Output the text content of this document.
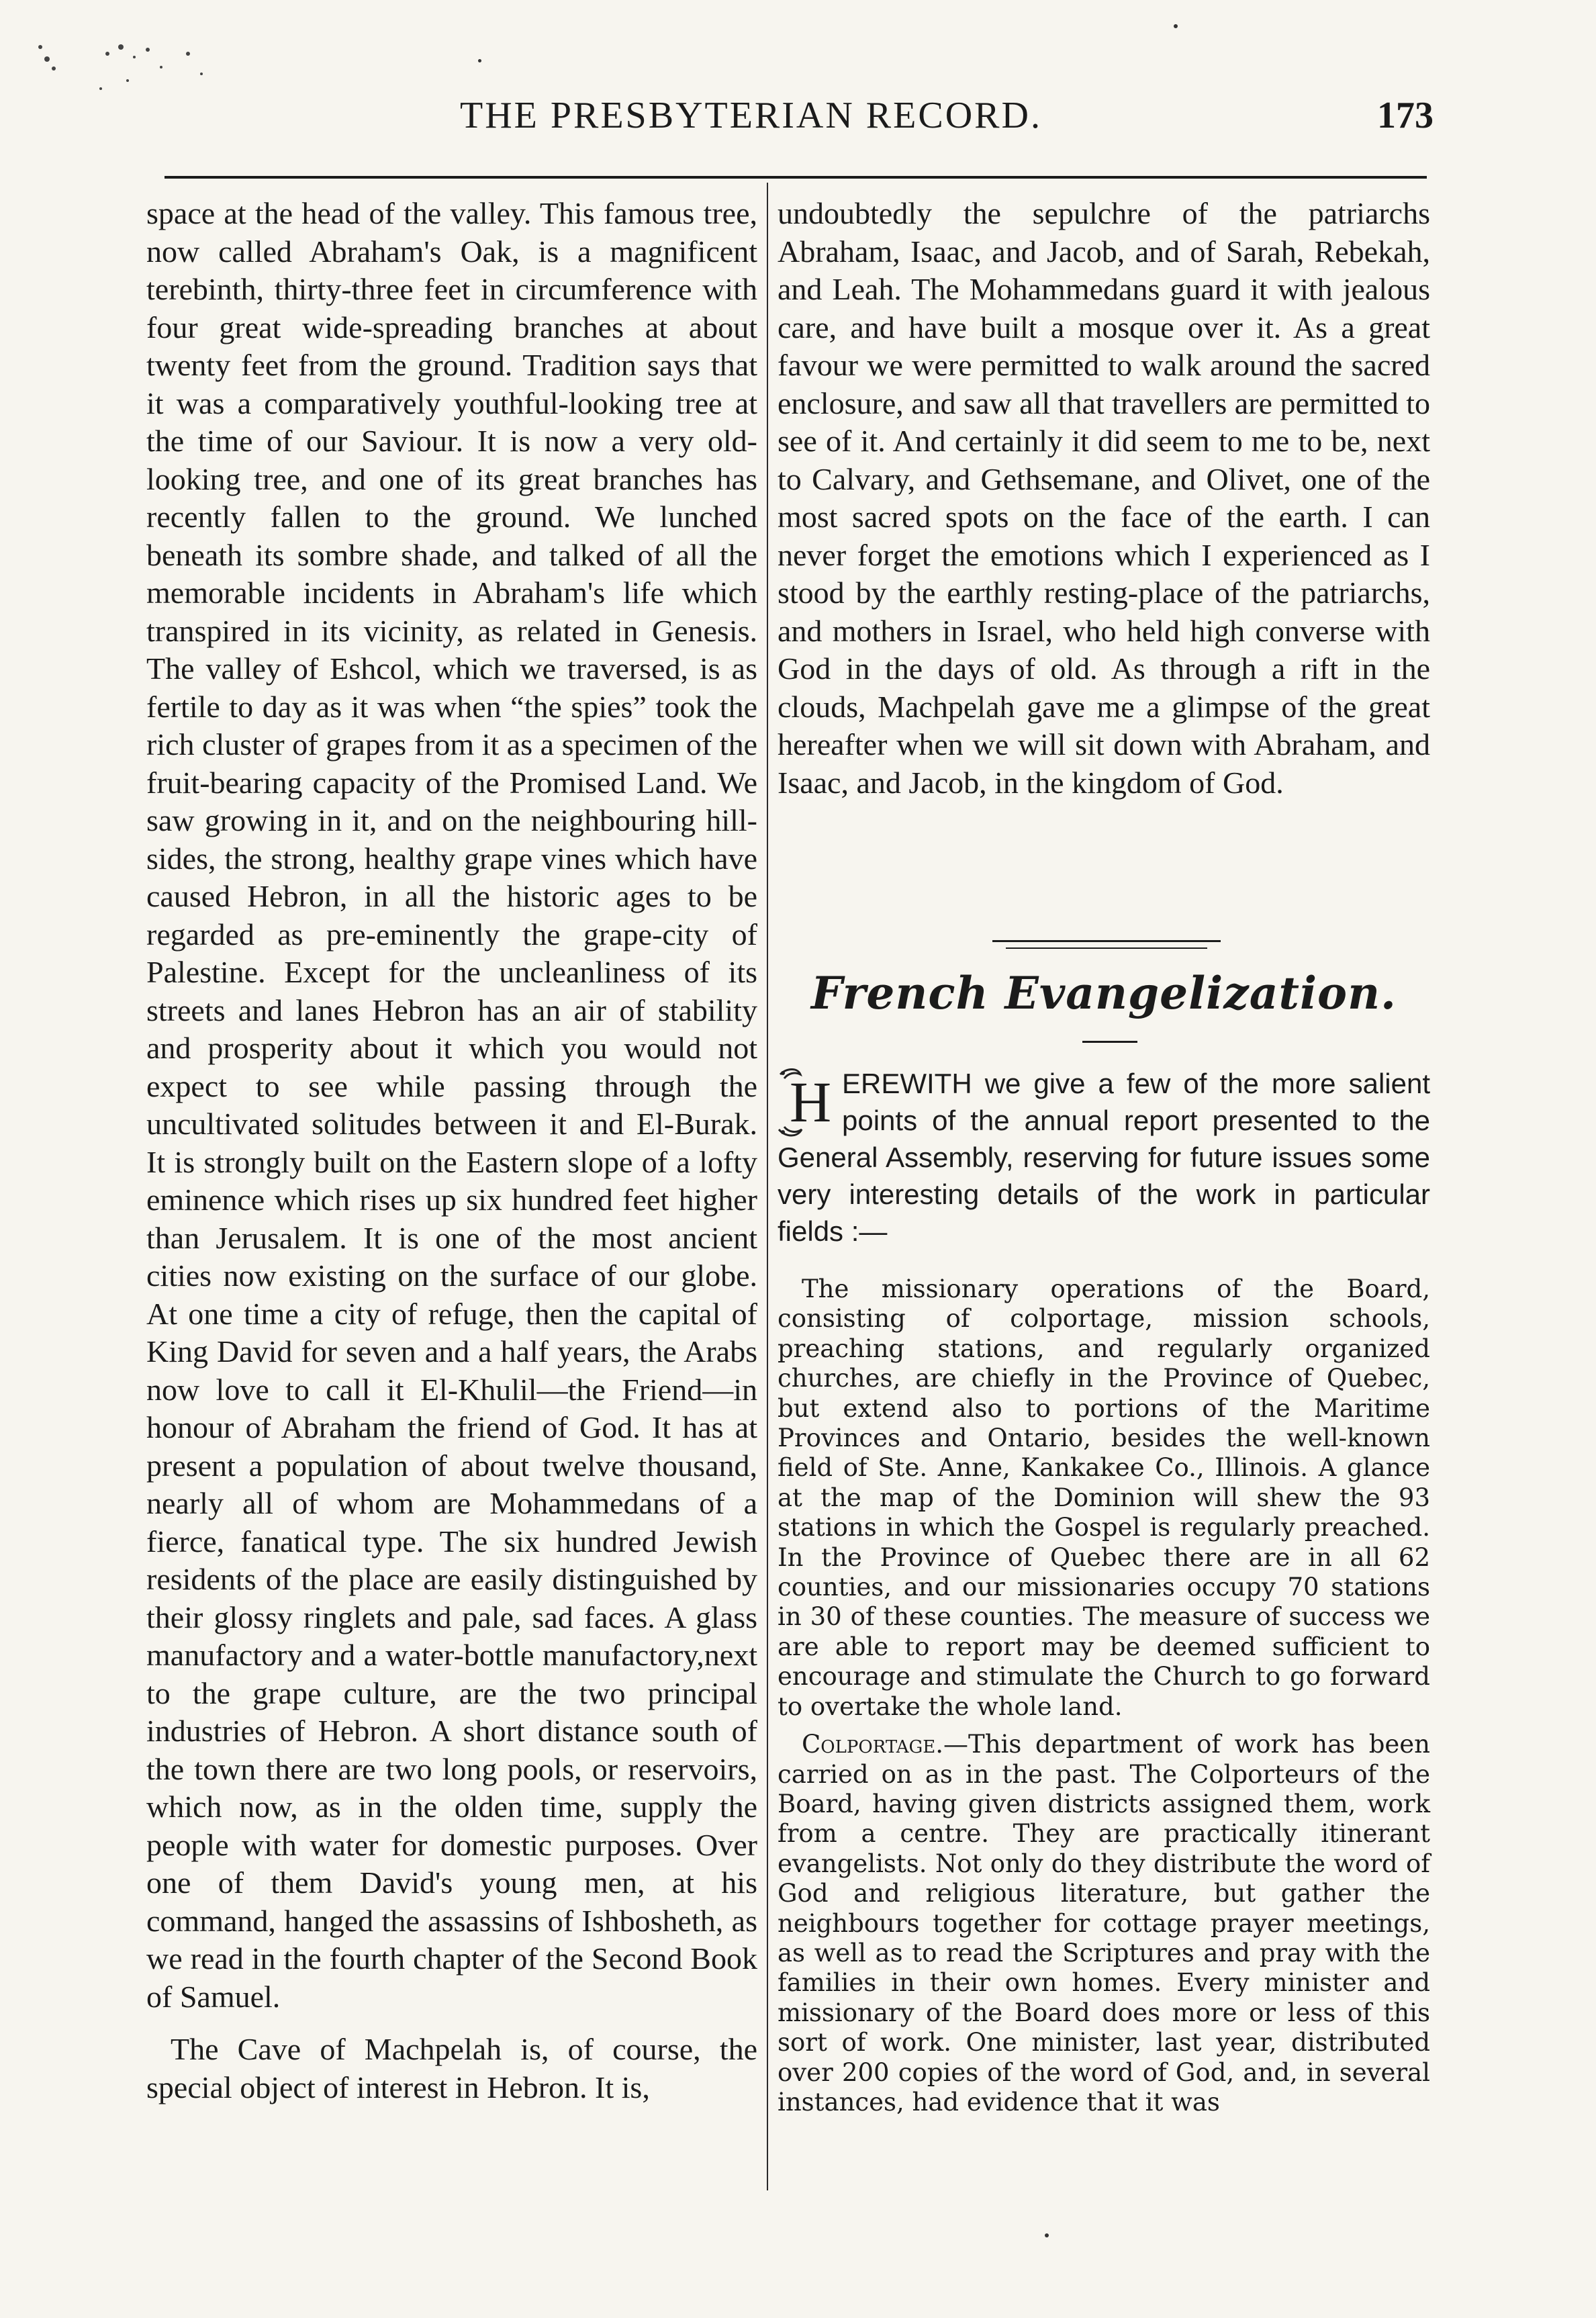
THE PRESBYTERIAN RECORD.	173

space at the head of the valley. This famous tree, now called Abraham's Oak, is a magnificent terebinth, thirty-three feet in circumference with four great wide-spreading branches at about twenty feet from the ground. Tradition says that it was a comparatively youthful-looking tree at the time of our Saviour. It is now a very old-looking tree, and one of its great branches has recently fallen to the ground. We lunched beneath its sombre shade, and talked of all the memorable incidents in Abraham's life which transpired in its vicinity, as related in Genesis. The valley of Eshcol, which we traversed, is as fertile to day as it was when “the spies” took the rich cluster of grapes from it as a specimen of the fruit-bearing capacity of the Promised Land. We saw growing in it, and on the neighbouring hill-sides, the strong, healthy grape vines which have caused Hebron, in all the historic ages to be regarded as pre-eminently the grape-city of Palestine. Except for the uncleanliness of its streets and lanes Hebron has an air of stability and prosperity about it which you would not expect to see while passing through the uncultivated solitudes between it and El-Burak. It is strongly built on the Eastern slope of a lofty eminence which rises up six hundred feet higher than Jerusalem. It is one of the most ancient cities now existing on the surface of our globe. At one time a city of refuge, then the capital of King David for seven and a half years, the Arabs now love to call it El-Khulil—the Friend—in honour of Abraham the friend of God. It has at present a population of about twelve thousand, nearly all of whom are Mohammedans of a fierce, fanatical type. The six hundred Jewish residents of the place are easily distinguished by their glossy ringlets and pale, sad faces. A glass manufactory and a water-bottle manufactory,next to the grape culture, are the two principal industries of Hebron. A short distance south of the town there are two long pools, or reservoirs, which now, as in the olden time, supply the people with water for domestic purposes. Over one of them David's young men, at his command, hanged the assassins of Ishbosheth, as we read in the fourth chapter of the Second Book of Samuel.

The Cave of Machpelah is, of course, the special object of interest in Hebron. It is,

undoubtedly the sepulchre of the patriarchs Abraham, Isaac, and Jacob, and of Sarah, Rebekah, and Leah. The Mohammedans guard it with jealous care, and have built a mosque over it. As a great favour we were permitted to walk around the sacred enclosure, and saw all that travellers are permitted to see of it. And certainly it did seem to me to be, next to Calvary, and Gethsemane, and Olivet, one of the most sacred spots on the face of the earth. I can never forget the emotions which I experienced as I stood by the earthly resting-place of the patriarchs, and mothers in Israel, who held high converse with God in the days of old. As through a rift in the clouds, Machpelah gave me a glimpse of the great hereafter when we will sit down with Abraham, and Isaac, and Jacob, in the kingdom of God.

French Evangelization.
H EREWITH we give a few of the more salient points of the annual report presented to the General Assembly, reserving for future issues some very interesting details of the work in particular fields :—

The missionary operations of the Board, consisting of colportage, mission schools, preaching stations, and regularly organized churches, are chiefly in the Province of Quebec, but extend also to portions of the Maritime Provinces and Ontario, besides the well-known field of Ste. Anne, Kankakee Co., Illinois. A glance at the map of the Dominion will shew the 93 stations in which the Gospel is regularly preached. In the Province of Quebec there are in all 62 counties, and our missionaries occupy 70 stations in 30 of these counties. The measure of success we are able to report may be deemed sufficient to encourage and stimulate the Church to go forward to overtake the whole land.

Colportage.—This department of work has been carried on as in the past. The Colporteurs of the Board, having given districts assigned them, work from a centre. They are practically itinerant evangelists. Not only do they distribute the word of God and religious literature, but gather the neighbours together for cottage prayer meetings, as well as to read the Scriptures and pray with the families in their own homes. Every minister and missionary of the Board does more or less of this sort of work. One minister, last year, distributed over 200 copies of the word of God, and, in several instances, had evidence that it was
